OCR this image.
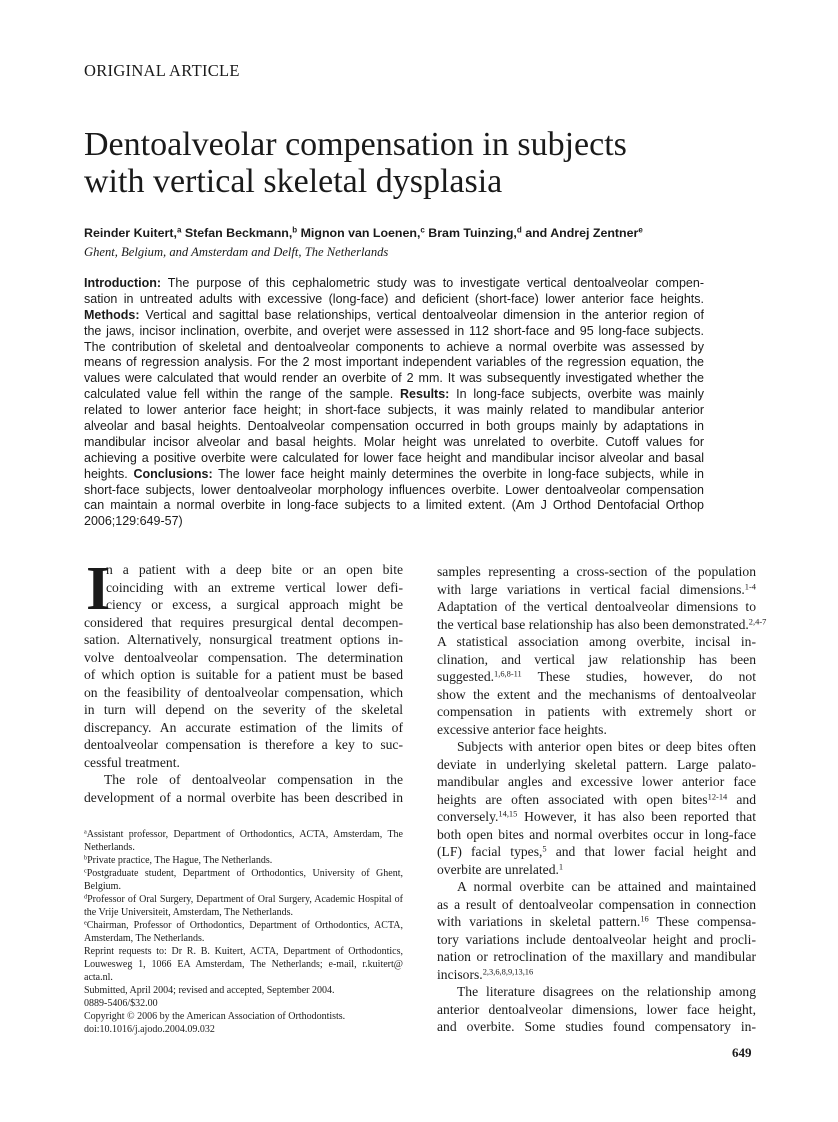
ORIGINAL ARTICLE
Dentoalveolar compensation in subjects
with vertical skeletal dysplasia
Reinder Kuitert,$^a$ Stefan Beckmann,$^b$ Mignon van Loenen,$^c$ Bram Tuinzing,$^d$ and Andrej Zentner$^e$
Ghent, Belgium, and Amsterdam and Delft, The Netherlands
Introduction: The purpose of this cephalometric study was to investigate vertical dentoalveolar compen-
sation in untreated adults with excessive (long-face) and deficient (short-face) lower anterior face heights.
Methods: Vertical and sagittal base relationships, vertical dentoalveolar dimension in the anterior region of
the jaws, incisor inclination, overbite, and overjet were assessed in 112 short-face and 95 long-face subjects.
The contribution of skeletal and dentoalveolar components to achieve a normal overbite was assessed by
means of regression analysis. For the 2 most important independent variables of the regression equation, the
values were calculated that would render an overbite of 2 mm. It was subsequently investigated whether the
calculated value fell within the range of the sample. Results: In long-face subjects, overbite was mainly
related to lower anterior face height; in short-face subjects, it was mainly related to mandibular anterior
alveolar and basal heights. Dentoalveolar compensation occurred in both groups mainly by adaptations in
mandibular incisor alveolar and basal heights. Molar height was unrelated to overbite. Cutoff values for
achieving a positive overbite were calculated for lower face height and mandibular incisor alveolar and basal
heights. Conclusions: The lower face height mainly determines the overbite in long-face subjects, while in
short-face subjects, lower dentoalveolar morphology influences overbite. Lower dentoalveolar compensation
can maintain a normal overbite in long-face subjects to a limited extent. (Am J Orthod Dentofacial Orthop
2006;129:649-57)
I
n a patient with a deep bite or an open bite
coinciding with an extreme vertical lower defi-
ciency or excess, a surgical approach might be
considered that requires presurgical dental decompen-
sation. Alternatively, nonsurgical treatment options in-
volve dentoalveolar compensation. The determination
of which option is suitable for a patient must be based
on the feasibility of dentoalveolar compensation, which
in turn will depend on the severity of the skeletal
discrepancy. An accurate estimation of the limits of
dentoalveolar compensation is therefore a key to suc-
cessful treatment.
The role of dentoalveolar compensation in the
development of a normal overbite has been described in
samples representing a cross-section of the population
with large variations in vertical facial dimensions.$^{1-4}$
Adaptation of the vertical dentoalveolar dimensions to
the vertical base relationship has also been demonstrated.$^{2,4-7}$
A statistical association among overbite, incisal in-
clination, and vertical jaw relationship has been
suggested.$^{1,6,8-11}$ These studies, however, do not
show the extent and the mechanisms of dentoalveolar
compensation in patients with extremely short or
excessive anterior face heights.
Subjects with anterior open bites or deep bites often
deviate in underlying skeletal pattern. Large palato-
mandibular angles and excessive lower anterior face
heights are often associated with open bites$^{12-14}$ and
conversely.$^{14,15}$ However, it has also been reported that
both open bites and normal overbites occur in long-face
(LF) facial types,$^5$ and that lower facial height and
overbite are unrelated.$^1$
A normal overbite can be attained and maintained
as a result of dentoalveolar compensation in connection
with variations in skeletal pattern.$^{16}$ These compensa-
tory variations include dentoalveolar height and procli-
nation or retroclination of the maxillary and mandibular
incisors.$^{2,3,6,8,9,13,16}$
The literature disagrees on the relationship among
anterior dentoalveolar dimensions, lower face height,
and overbite. Some studies found compensatory in-
$^a$Assistant professor, Department of Orthodontics, ACTA, Amsterdam, The
Netherlands.
$^b$Private practice, The Hague, The Netherlands.
$^c$Postgraduate student, Department of Orthodontics, University of Ghent,
Belgium.
$^d$Professor of Oral Surgery, Department of Oral Surgery, Academic Hospital of
the Vrije Universiteit, Amsterdam, The Netherlands.
$^e$Chairman, Professor of Orthodontics, Department of Orthodontics, ACTA,
Amsterdam, The Netherlands.
Reprint requests to: Dr R. B. Kuitert, ACTA, Department of Orthodontics,
Louwesweg 1, 1066 EA Amsterdam, The Netherlands; e-mail, r.kuitert@
acta.nl.
Submitted, April 2004; revised and accepted, September 2004.
0889-5406/$32.00
Copyright © 2006 by the American Association of Orthodontists.
doi:10.1016/j.ajodo.2004.09.032
649
